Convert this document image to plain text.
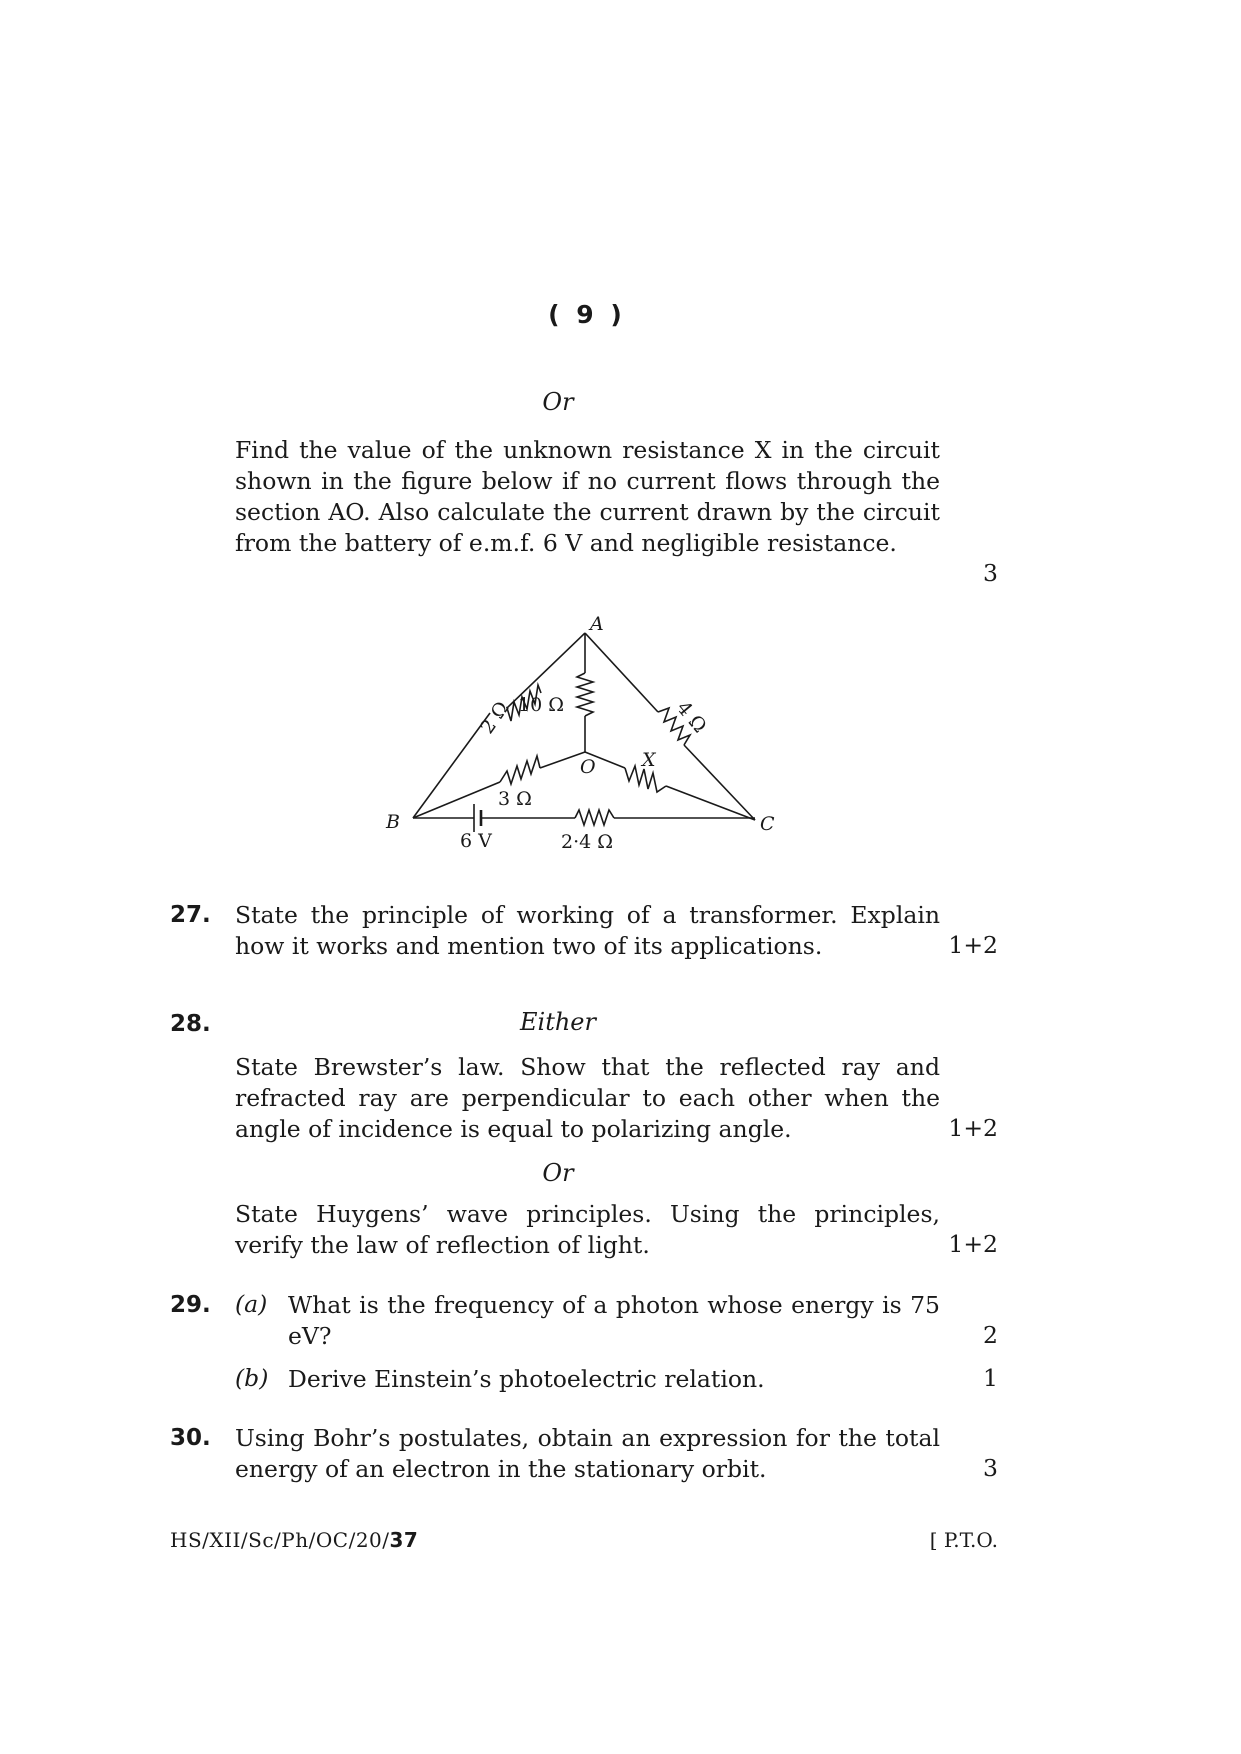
( 9 )
Or
Find the value of the unknown resistance X in the circuit shown in the figure below if no current flows through the section AO. Also calculate the current drawn by the circuit from the battery of e.m.f. 6 V and negligible resistance.
3
A
B	C
O
2 Ω 10 Ω	4 Ω
3 Ω
X
6 V	2·4 Ω
27. State the principle of working of a transformer. Explain how it works and mention two of its applications.	1+2
28.	Either
State Brewster’s law. Show that the reflected ray and refracted ray are perpendicular to each other when the angle of incidence is equal to polarizing angle.	1+2
Or
State Huygens’ wave principles. Using the principles, verify the law of reflection of light.	1+2
29. (a) What is the frequency of a photon whose energy is 75 eV?	2
(b) Derive Einstein’s photoelectric relation.	1
30. Using Bohr’s postulates, obtain an expression for the total energy of an electron in the stationary orbit.	3
HS/XII/Sc/Ph/OC/20/37	[ P.T.O.
